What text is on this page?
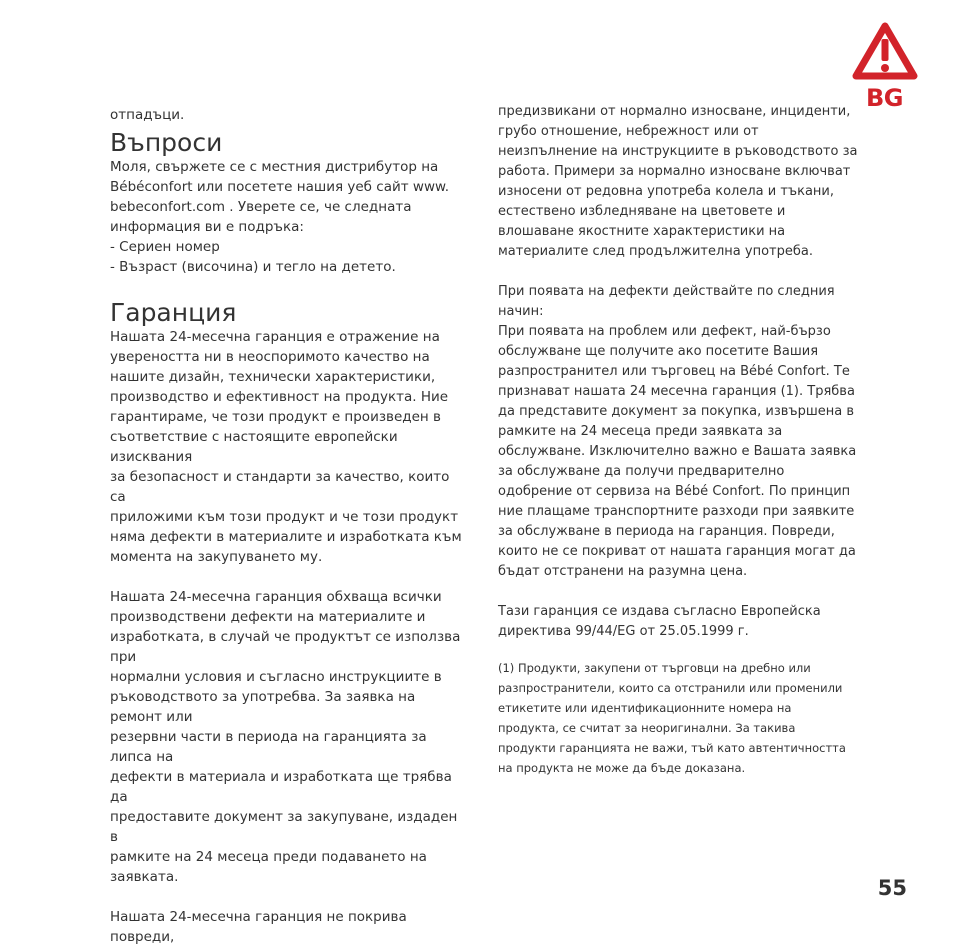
BG

отпадъци.

Въпроси

Моля, свържете се с местния дистрибутор на
Bébéconfort или посетете нашия уеб сайт www.
bebeconfort.com . Уверете се, че следната
информация ви е подръка:
- Сериен номер
- Възраст (височина) и тегло на детето.

Гаранция

Нашата 24-месечна гаранция е отражение на
увереността ни в неоспоримото качество на
нашите дизайн, технически характеристики,
производство и ефективност на продукта. Ние
гарантираме, че този продукт е произведен в
съответствие с настоящите европейски изисквания
за безопасност и стандарти за качество, които са
приложими към този продукт и че този продукт
няма дефекти в материалите и изработката към
момента на закупуването му.

Нашата 24-месечна гаранция обхваща всички
производствени дефекти на материалите и
изработката, в случай че продуктът се използва при
нормални условия и съгласно инструкциите в
ръководството за употребва. За заявка на ремонт или
резервни части в периода на гаранцията за липса на
дефекти в материала и изработката ще трябва да
предоставите документ за закупуване, издаден в
рамките на 24 месеца преди подаването на заявката.

Нашата 24-месечна гаранция не покрива повреди,

предизвикани от нормално износване, инциденти,
грубо отношение, небрежност или от
неизпълнение на инструкциите в ръководството за
работа. Примери за нормално износване включват
износени от редовна употреба колела и тъкани,
естествено избледняване на цветовете и
влошаване якостните характеристики на
материалите след продължителна употреба.

При появата на дефекти действайте по следния
начин:
При появата на проблем или дефект, най-бързо
обслужване ще получите ако посетите Вашия
разпространител или търговец на Bébé Confort. Те
признават нашата 24 месечна гаранция (1). Трябва
да представите документ за покупка, извършена в
рамките на 24 месеца преди заявката за
обслужване. Изключително важно е Вашата заявка
за обслужване да получи предварително
одобрение от сервиза на Bébé Confort. По принцип
ние плащаме транспортните разходи при заявките
за обслужване в периода на гаранция. Повреди,
които не се покриват от нашата гаранция могат да
бъдат отстранени на разумна цена.

Тази гаранция се издава съгласно Европейска
директива 99/44/EG от 25.05.1999 г.

(1) Продукти, закупени от търговци на дребно или
разпространители, които са отстранили или променили
етикетите или идентификационните номера на
продукта, се считат за неоригинални. За такива
продукти гаранцията не важи, тъй като автентичността
на продукта не може да бъде доказана.

55
